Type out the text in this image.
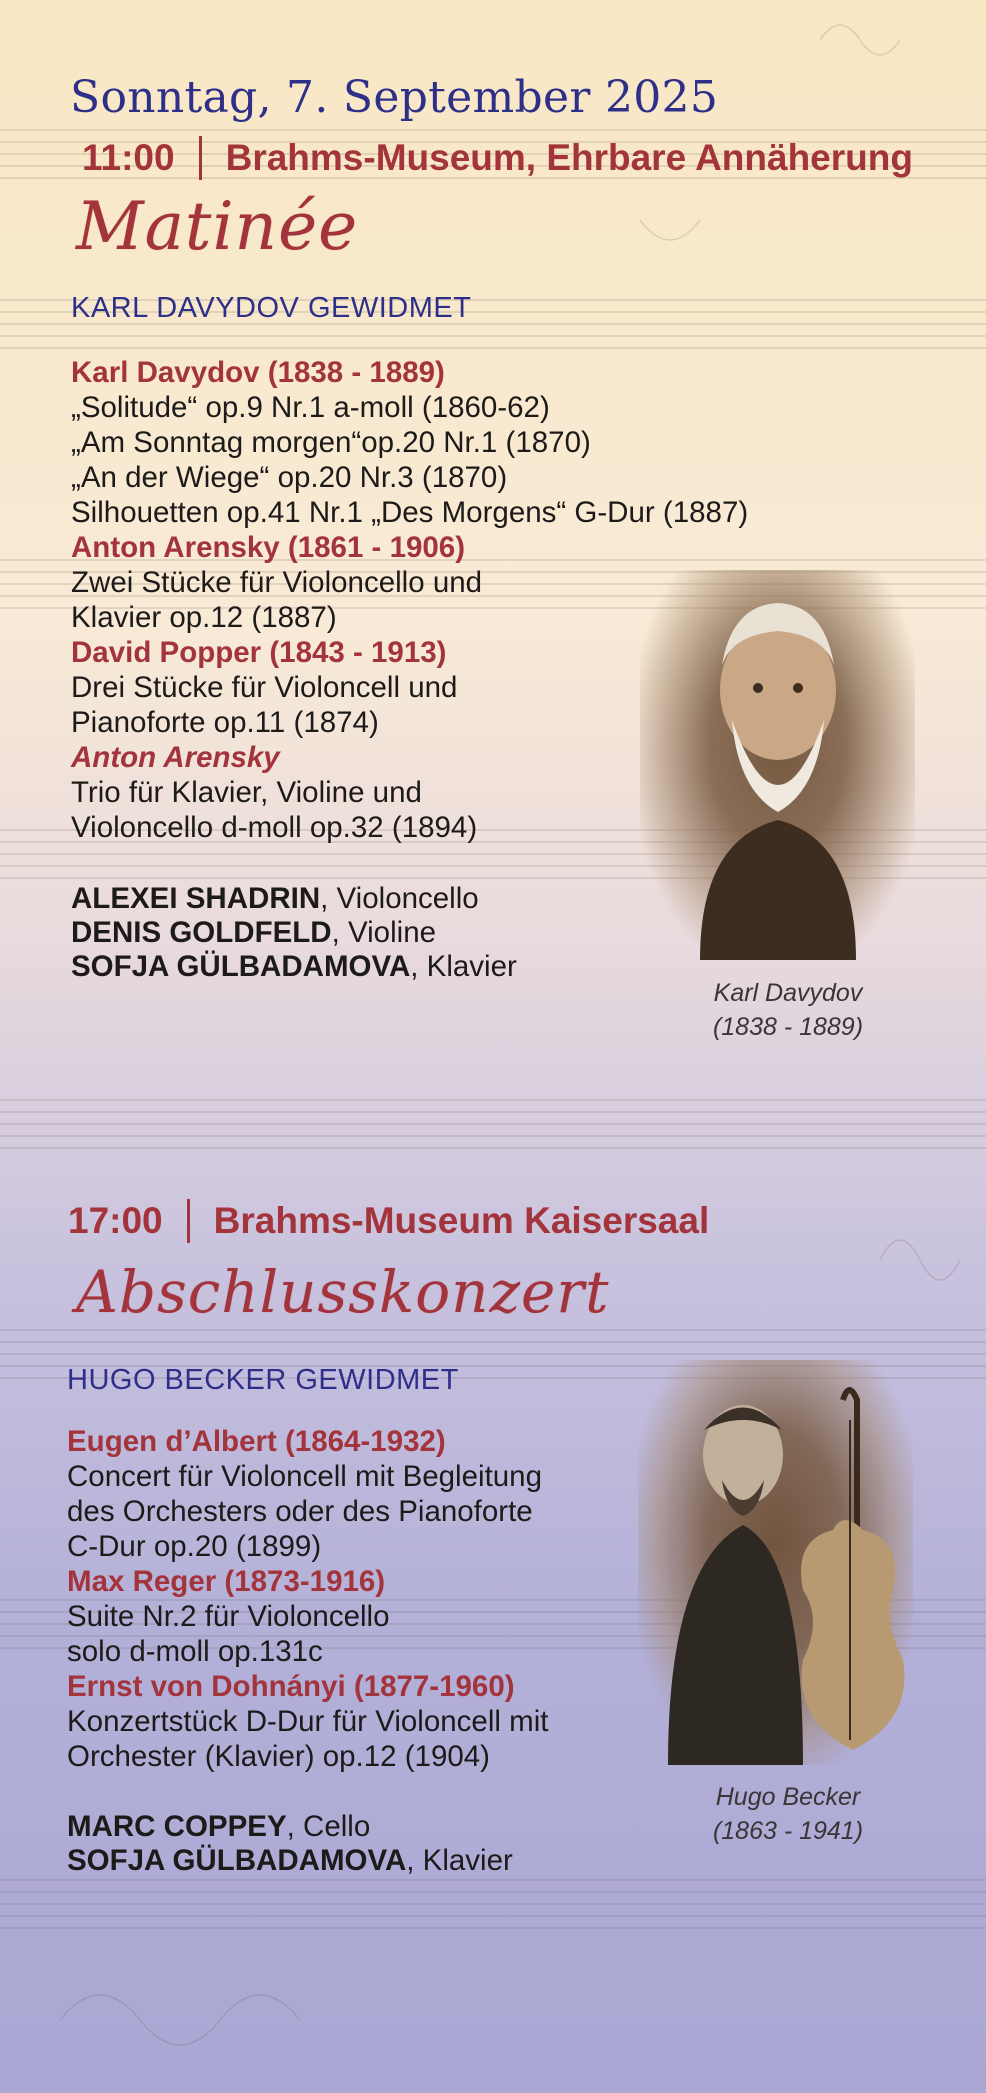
Sonntag, 7. September 2025
11:00 Brahms-Museum, Ehrbare Annäherung
Matinée
KARL DAVYDOV GEWIDMET
Karl Davydov (1838 - 1889)
„Solitude“ op.9 Nr.1 a-moll (1860-62)
„Am Sonntag morgen“op.20 Nr.1 (1870)
„An der Wiege“ op.20 Nr.3 (1870)
Silhouetten op.41 Nr.1 „Des Morgens“ G-Dur (1887)
Anton Arensky (1861 - 1906)
Zwei Stücke für Violoncello und
Klavier op.12 (1887)
David Popper (1843 - 1913)
Drei Stücke für Violoncell und
Pianoforte op.11 (1874)
Anton Arensky
Trio für Klavier, Violine und
Violoncello d-moll op.32 (1894)
ALEXEI SHADRIN, Violoncello
DENIS GOLDFELD, Violine
SOFJA GÜLBADAMOVA, Klavier
Karl Davydov
(1838 - 1889)
17:00 Brahms-Museum Kaisersaal
Abschlusskonzert
HUGO BECKER GEWIDMET
Eugen d’Albert (1864-1932)
Concert für Violoncell mit Begleitung
des Orchesters oder des Pianoforte
C-Dur op.20 (1899)
Max Reger (1873-1916)
Suite Nr.2 für Violoncello
solo d-moll op.131c
Ernst von Dohnányi (1877-1960)
Konzertstück D-Dur für Violoncell mit
Orchester (Klavier) op.12 (1904)
MARC COPPEY, Cello
SOFJA GÜLBADAMOVA, Klavier
Hugo Becker
(1863 - 1941)
